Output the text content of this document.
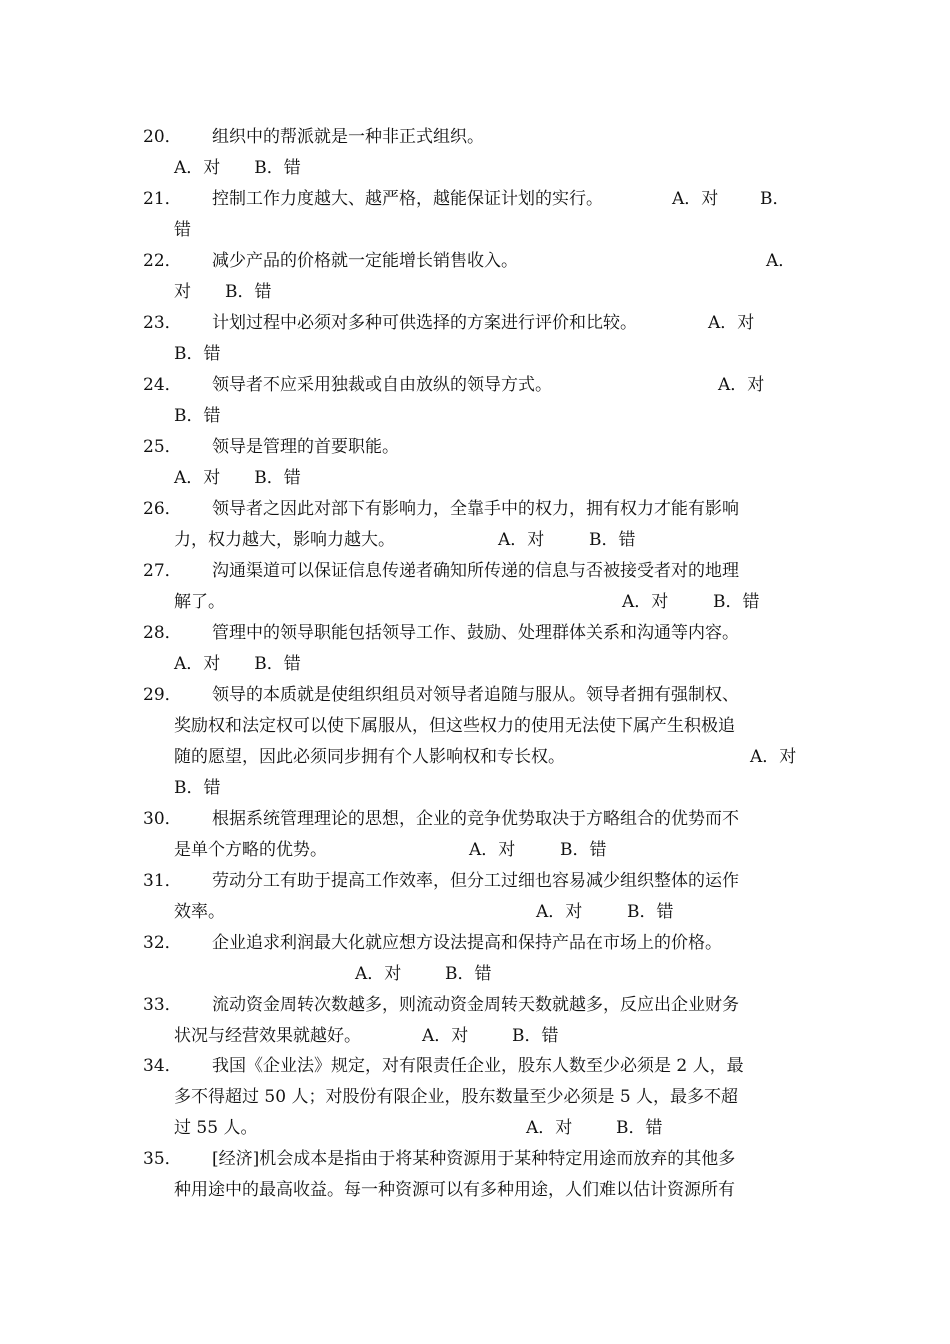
20．

组织中的帮派就是一种非正式组织。

A．对　　B．错

21．

控制工作力度越大、越严格，越能保证计划的实行。

	A．对

B．

错

22．

减少产品的价格就一定能增长销售收入。

	A．

对　　B．错

23．

计划过程中必须对多种可供选择的方案进行评价和比较。

	A．对

B．错

24．

领导者不应采用独裁或自由放纵的领导方式。

	A．对

B．错

25．

领导是管理的首要职能。

A．对　　B．错

26．

领导者之因此对部下有影响力，全靠手中的权力，拥有权力才能有影响

力，权力越大，影响力越大。

	A．对

	B．错

27．

沟通渠道可以保证信息传递者确知所传递的信息与否被接受者对的地理

解了。

	A．对

	B．错

28．

管理中的领导职能包括领导工作、鼓励、处理群体关系和沟通等内容。

A．对　　B．错

29．

领导的本质就是使组织组员对领导者追随与服从。领导者拥有强制权、

奖励权和法定权可以使下属服从，但这些权力的使用无法使下属产生积极追

随的愿望，因此必须同步拥有个人影响权和专长权。

	A．对

B．错

30．

根据系统管理理论的思想，企业的竞争优势取决于方略组合的优势而不

是单个方略的优势。

	A．对

	B．错

31．

劳动分工有助于提高工作效率，但分工过细也容易减少组织整体的运作

效率。

	A．对

	B．错

32．

企业追求利润最大化就应想方设法提高和保持产品在市场上的价格。

A．对

	B．错

33．

流动资金周转次数越多，则流动资金周转天数就越多，反应出企业财务

状况与经营效果就越好。

	A．对

	B．错

34．

我国《企业法》规定，对有限责任企业，股东人数至少必须是 2 人，最

多不得超过 50 人；对股份有限企业，股东数量至少必须是 5 人，最多不超

过 55 人。

	A．对

	B．错

35．

[经济]机会成本是指由于将某种资源用于某种特定用途而放弃的其他多

种用途中的最高收益。每一种资源可以有多种用途，人们难以估计资源所有
